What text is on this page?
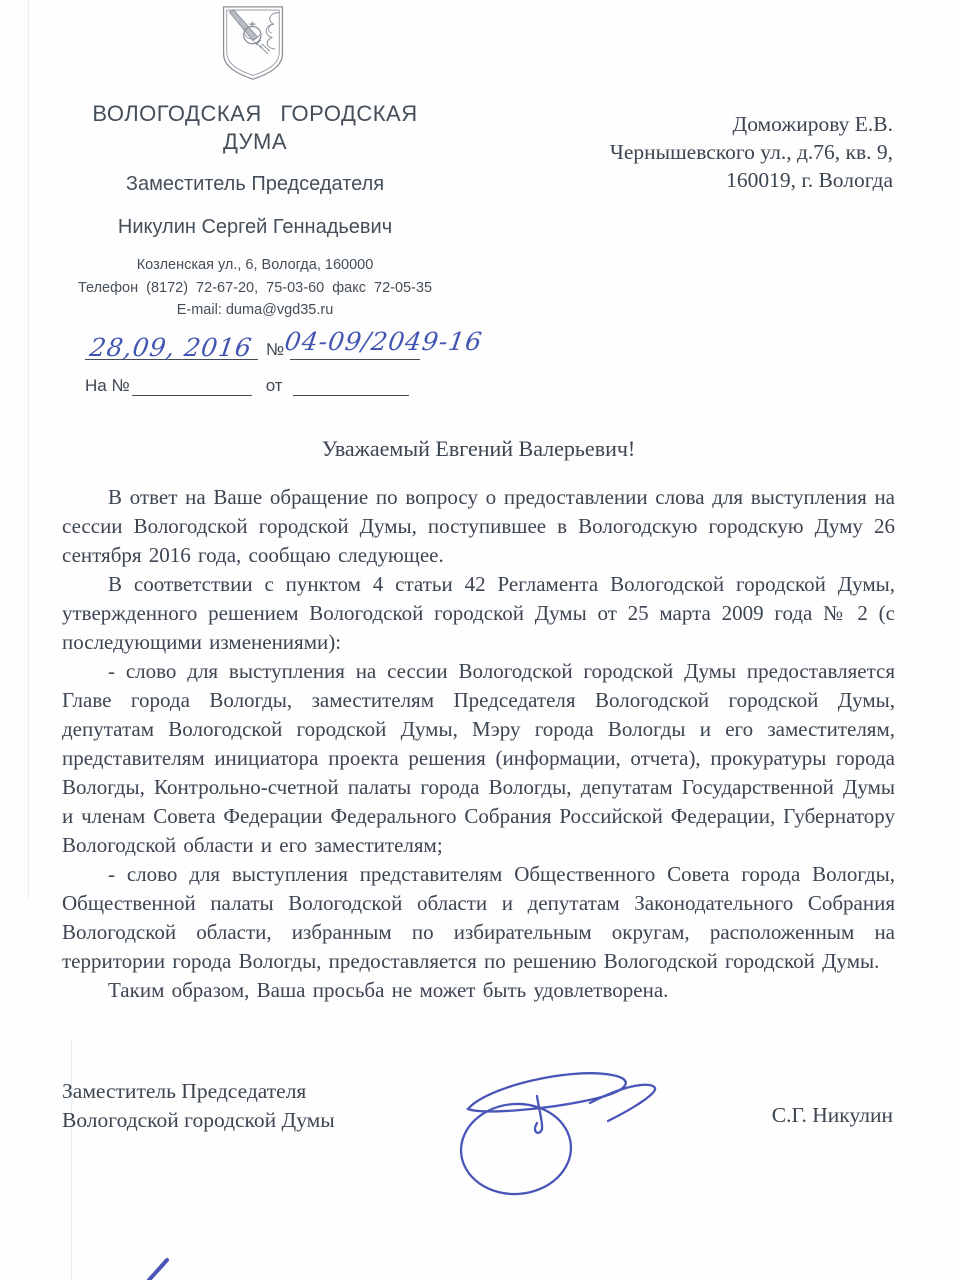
ВОЛОГОДСКАЯ ГОРОДСКАЯ
ДУМА
Заместитель Председателя
Никулин Сергей Геннадьевич
Козленская ул., 6, Вологда, 160000
Телефон (8172) 72-67-20, 75-03-60 факс 72-05-35
E-mail: duma@vgd35.ru
Доможирову Е.В.
Чернышевского ул., д.76, кв. 9,
160019, г. Вологда
28,09, 2016 №
04-09/2049-16
На №	от
Уважаемый Евгений Валерьевич!

В ответ на Ваше обращение по вопросу о предоставлении слова для выступления на сессии Вологодской городской Думы, поступившее в Вологодскую городскую Думу 26 сентября 2016 года, сообщаю следующее.

В соответствии с пунктом 4 статьи 42 Регламента Вологодской городской Думы, утвержденного решением Вологодской городской Думы от 25 марта 2009 года № 2 (с последующими изменениями):

- слово для выступления на сессии Вологодской городской Думы предоставляется Главе города Вологды, заместителям Председателя Вологодской городской Думы, депутатам Вологодской городской Думы, Мэру города Вологды и его заместителям, представителям инициатора проекта решения (информации, отчета), прокуратуры города Вологды, Контрольно-счетной палаты города Вологды, депутатам Государственной Думы и членам Совета Федерации Федерального Собрания Российской Федерации, Губернатору Вологодской области и его заместителям;

- слово для выступления представителям Общественного Совета города Вологды, Общественной палаты Вологодской области и депутатам Законодательного Собрания Вологодской области, избранным по избирательным округам, расположенным на территории города Вологды, предоставляется по решению Вологодской городской Думы.

Таким образом, Ваша просьба не может быть удовлетворена.

Заместитель Председателя
Вологодской городской Думы	С.Г. Никулин
